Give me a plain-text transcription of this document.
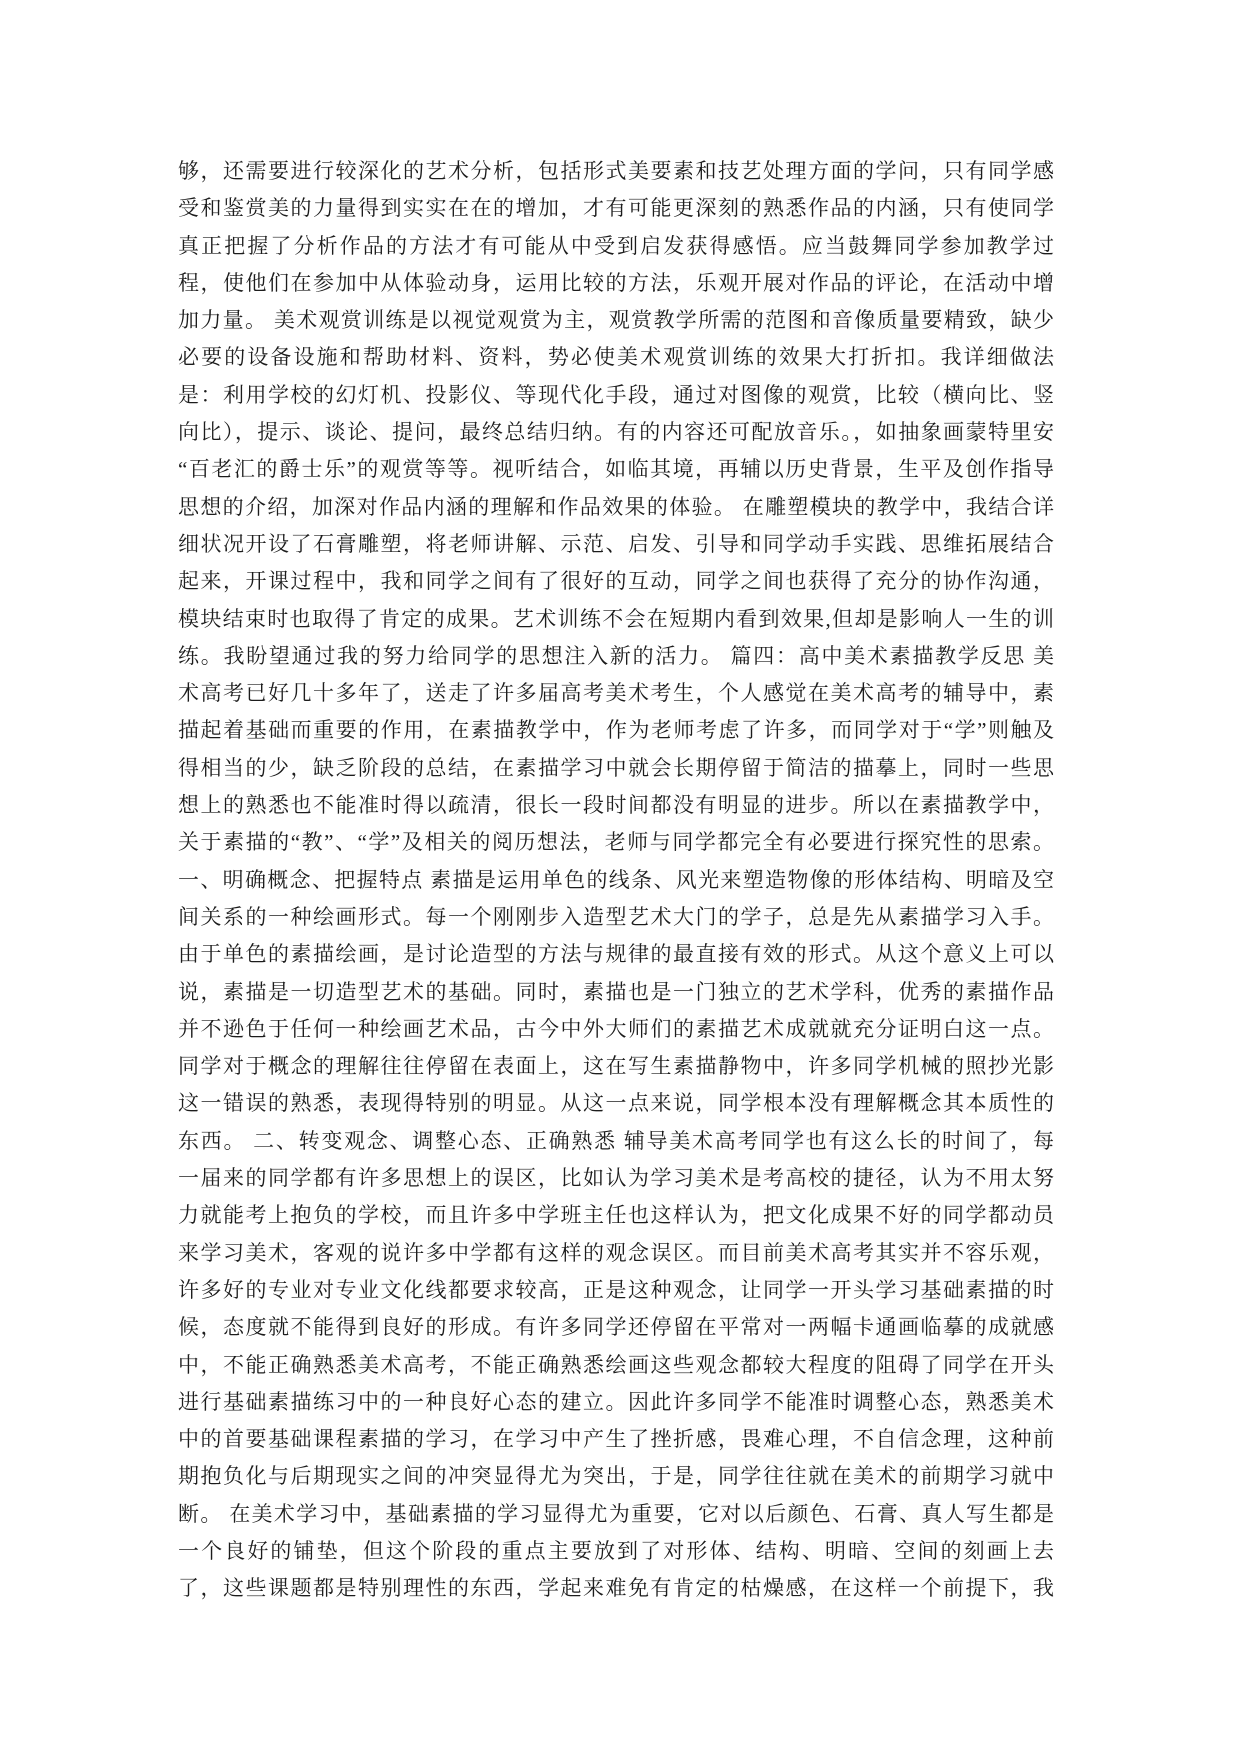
够，还需要进行较深化的艺术分析，包括形式美要素和技艺处理方面的学问，只有同学感
受和鉴赏美的力量得到实实在在的增加，才有可能更深刻的熟悉作品的内涵，只有使同学
真正把握了分析作品的方法才有可能从中受到启发获得感悟。应当鼓舞同学参加教学过
程，使他们在参加中从体验动身，运用比较的方法，乐观开展对作品的评论，在活动中增
加力量。 美术观赏训练是以视觉观赏为主，观赏教学所需的范图和音像质量要精致，缺少
必要的设备设施和帮助材料、资料，势必使美术观赏训练的效果大打折扣。我详细做法
是：利用学校的幻灯机、投影仪、等现代化手段，通过对图像的观赏，比较（横向比、竖
向比），提示、谈论、提问，最终总结归纳。有的内容还可配放音乐。，如抽象画蒙特里安
“百老汇的爵士乐”的观赏等等。视听结合，如临其境，再辅以历史背景，生平及创作指导
思想的介绍，加深对作品内涵的理解和作品效果的体验。 在雕塑模块的教学中，我结合详
细状况开设了石膏雕塑，将老师讲解、示范、启发、引导和同学动手实践、思维拓展结合
起来，开课过程中，我和同学之间有了很好的互动，同学之间也获得了充分的协作沟通，
模块结束时也取得了肯定的成果。艺术训练不会在短期内看到效果,但却是影响人一生的训
练。我盼望通过我的努力给同学的思想注入新的活力。 篇四：高中美术素描教学反思 美
术高考已好几十多年了，送走了许多届高考美术考生，个人感觉在美术高考的辅导中，素
描起着基础而重要的作用，在素描教学中，作为老师考虑了许多，而同学对于“学”则触及
得相当的少，缺乏阶段的总结，在素描学习中就会长期停留于简洁的描摹上，同时一些思
想上的熟悉也不能准时得以疏清，很长一段时间都没有明显的进步。所以在素描教学中，
关于素描的“教”、“学”及相关的阅历想法，老师与同学都完全有必要进行探究性的思索。
一、明确概念、把握特点 素描是运用单色的线条、风光来塑造物像的形体结构、明暗及空
间关系的一种绘画形式。每一个刚刚步入造型艺术大门的学子，总是先从素描学习入手。
由于单色的素描绘画，是讨论造型的方法与规律的最直接有效的形式。从这个意义上可以
说，素描是一切造型艺术的基础。同时，素描也是一门独立的艺术学科，优秀的素描作品
并不逊色于任何一种绘画艺术品，古今中外大师们的素描艺术成就就充分证明白这一点。
同学对于概念的理解往往停留在表面上，这在写生素描静物中，许多同学机械的照抄光影
这一错误的熟悉，表现得特别的明显。从这一点来说，同学根本没有理解概念其本质性的
东西。 二、转变观念、调整心态、正确熟悉 辅导美术高考同学也有这么长的时间了，每
一届来的同学都有许多思想上的误区，比如认为学习美术是考高校的捷径，认为不用太努
力就能考上抱负的学校，而且许多中学班主任也这样认为，把文化成果不好的同学都动员
来学习美术，客观的说许多中学都有这样的观念误区。而目前美术高考其实并不容乐观，
许多好的专业对专业文化线都要求较高，正是这种观念，让同学一开头学习基础素描的时
候，态度就不能得到良好的形成。有许多同学还停留在平常对一两幅卡通画临摹的成就感
中，不能正确熟悉美术高考，不能正确熟悉绘画这些观念都较大程度的阻碍了同学在开头
进行基础素描练习中的一种良好心态的建立。因此许多同学不能准时调整心态，熟悉美术
中的首要基础课程素描的学习，在学习中产生了挫折感，畏难心理，不自信念理，这种前
期抱负化与后期现实之间的冲突显得尤为突出，于是，同学往往就在美术的前期学习就中
断。 在美术学习中，基础素描的学习显得尤为重要，它对以后颜色、石膏、真人写生都是
一个良好的铺垫，但这个阶段的重点主要放到了对形体、结构、明暗、空间的刻画上去
了，这些课题都是特别理性的东西，学起来难免有肯定的枯燥感，在这样一个前提下，我
